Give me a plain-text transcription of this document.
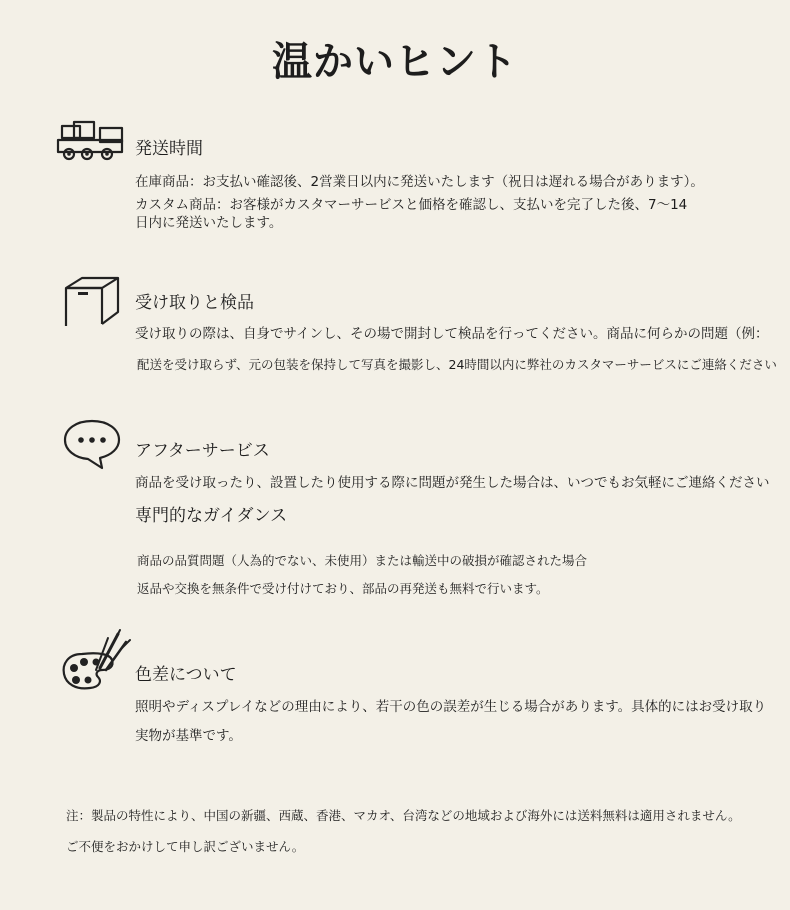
温かいヒント
発送時間
在庫商品：お支払い確認後、2営業日以内に発送いたします（祝日は遅れる場合があります）。
カスタム商品：お客様がカスタマーサービスと価格を確認し、支払いを完了した後、7〜14
日内に発送いたします。
受け取りと検品
受け取りの際は、自身でサインし、その場で開封して検品を行ってください。商品に何らかの問題（例：
配送を受け取らず、元の包装を保持して写真を撮影し、24時間以内に弊社のカスタマーサービスにご連絡ください
アフターサービス
商品を受け取ったり、設置したり使用する際に問題が発生した場合は、いつでもお気軽にご連絡ください
専門的なガイダンス
商品の品質問題（人為的でない、未使用）または輸送中の破損が確認された場合
返品や交換を無条件で受け付けており、部品の再発送も無料で行います。
色差について
照明やディスプレイなどの理由により、若干の色の誤差が生じる場合があります。具体的にはお受け取り
実物が基準です。
注：製品の特性により、中国の新疆、西蔵、香港、マカオ、台湾などの地域および海外には送料無料は適用されません。
ご不便をおかけして申し訳ございません。
